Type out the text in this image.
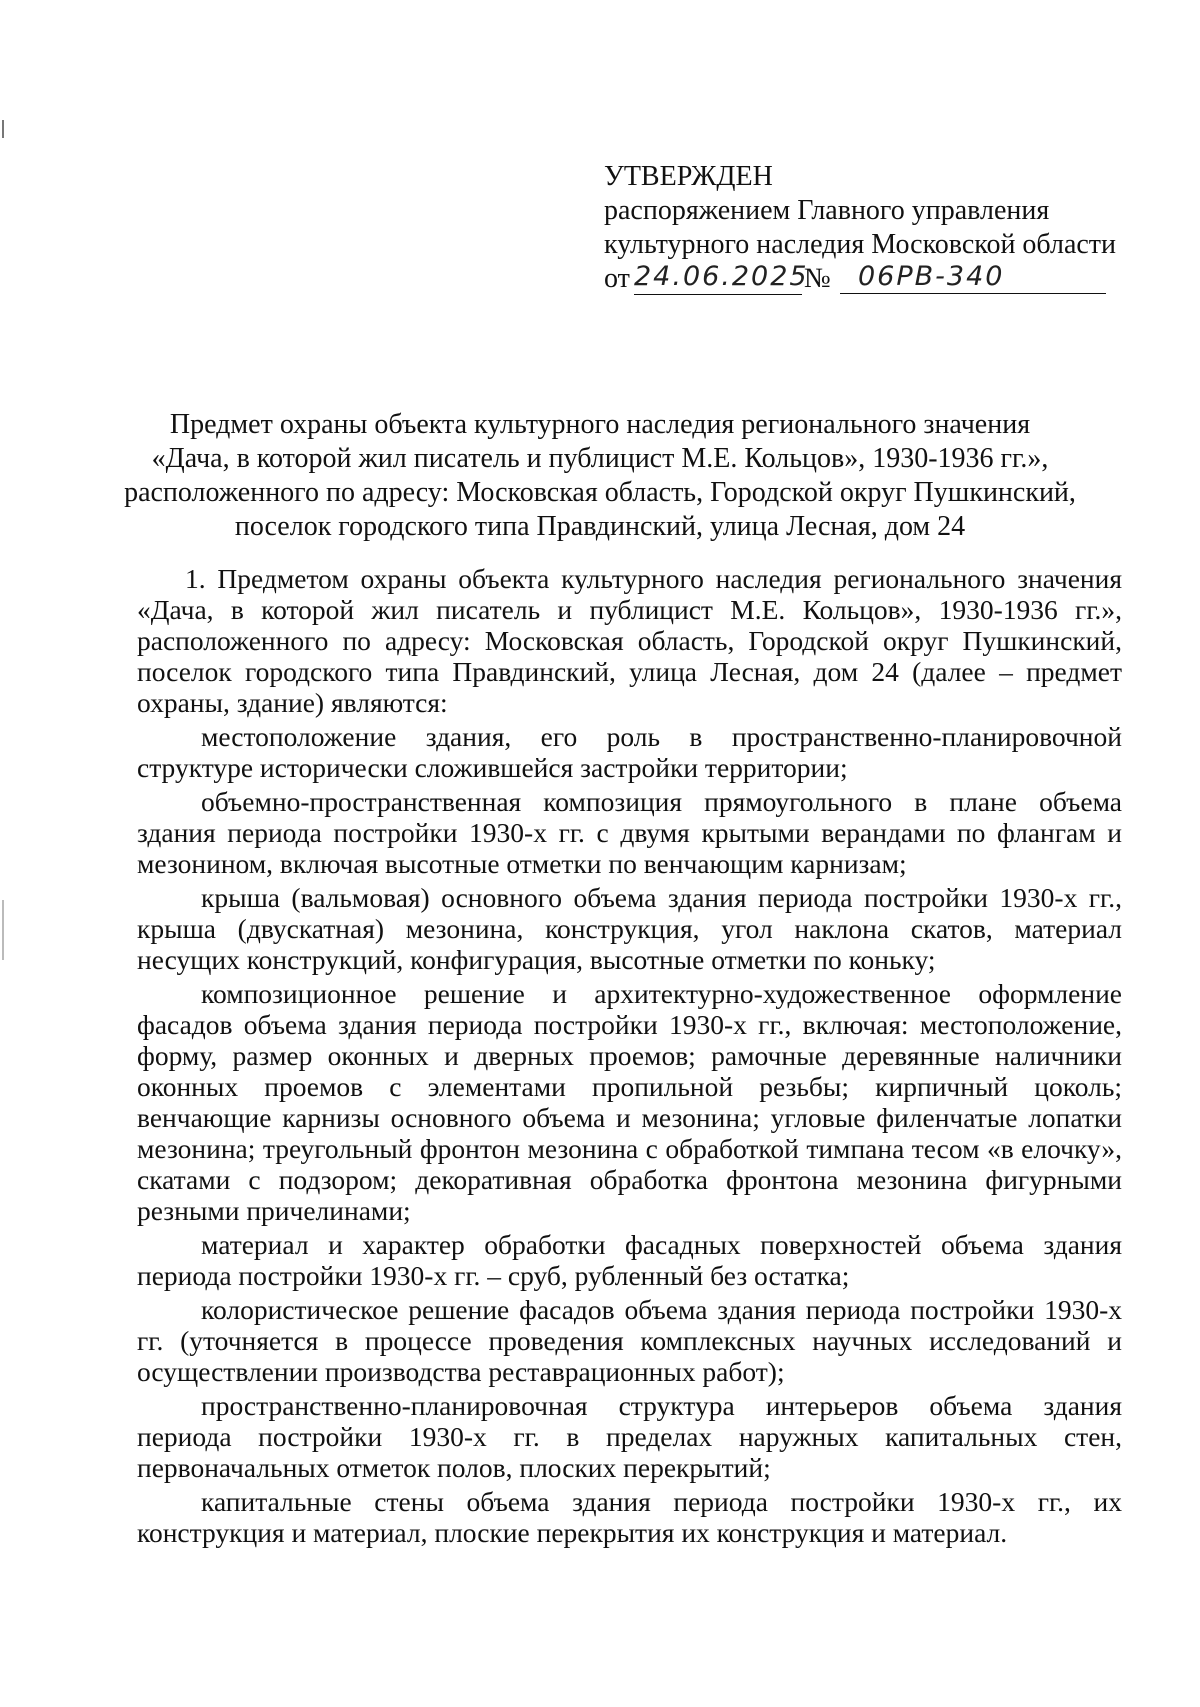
УТВЕРЖДЕН
распоряжением Главного управления
культурного наследия Московской области
от 24.06.2025
№	06РВ-340
Предмет охраны объекта культурного наследия регионального значения
«Дача, в которой жил писатель и публицист М.Е. Кольцов», 1930-1936 гг.»,
расположенного по адресу: Московская область, Городской округ Пушкинский,
поселок городского типа Правдинский, улица Лесная, дом 24

1. Предметом охраны объекта культурного наследия регионального значения «Дача, в которой жил писатель и публицист М.Е. Кольцов», 1930-1936 гг.», расположенного по адресу: Московская область, Городской округ Пушкинский, поселок городского типа Правдинский, улица Лесная, дом 24 (далее – предмет охраны, здание) являются:

местоположение здания, его роль в пространственно-планировочной структуре исторически сложившейся застройки территории;

объемно-пространственная композиция прямоугольного в плане объема здания периода постройки 1930-х гг. с двумя крытыми верандами по флангам и мезонином, включая высотные отметки по венчающим карнизам;

крыша (вальмовая) основного объема здания периода постройки 1930-х гг., крыша (двускатная) мезонина, конструкция, угол наклона скатов, материал несущих конструкций, конфигурация, высотные отметки по коньку;

композиционное решение и архитектурно-художественное оформление фасадов объема здания периода постройки 1930-х гг., включая: местоположение, форму, размер оконных и дверных проемов; рамочные деревянные наличники оконных проемов с элементами пропильной резьбы; кирпичный цоколь; венчающие карнизы основного объема и мезонина; угловые филенчатые лопатки мезонина; треугольный фронтон мезонина с обработкой тимпана тесом «в елочку», скатами с подзором; декоративная обработка фронтона мезонина фигурными резными причелинами;

материал и характер обработки фасадных поверхностей объема здания периода постройки 1930-х гг. – сруб, рубленный без остатка;

колористическое решение фасадов объема здания периода постройки 1930-х гг. (уточняется в процессе проведения комплексных научных исследований и осуществлении производства реставрационных работ);

пространственно-планировочная структура интерьеров объема здания периода постройки 1930-х гг. в пределах наружных капитальных стен, первоначальных отметок полов, плоских перекрытий;

капитальные стены объема здания периода постройки 1930-х гг., их конструкция и материал, плоские перекрытия их конструкция и материал.
